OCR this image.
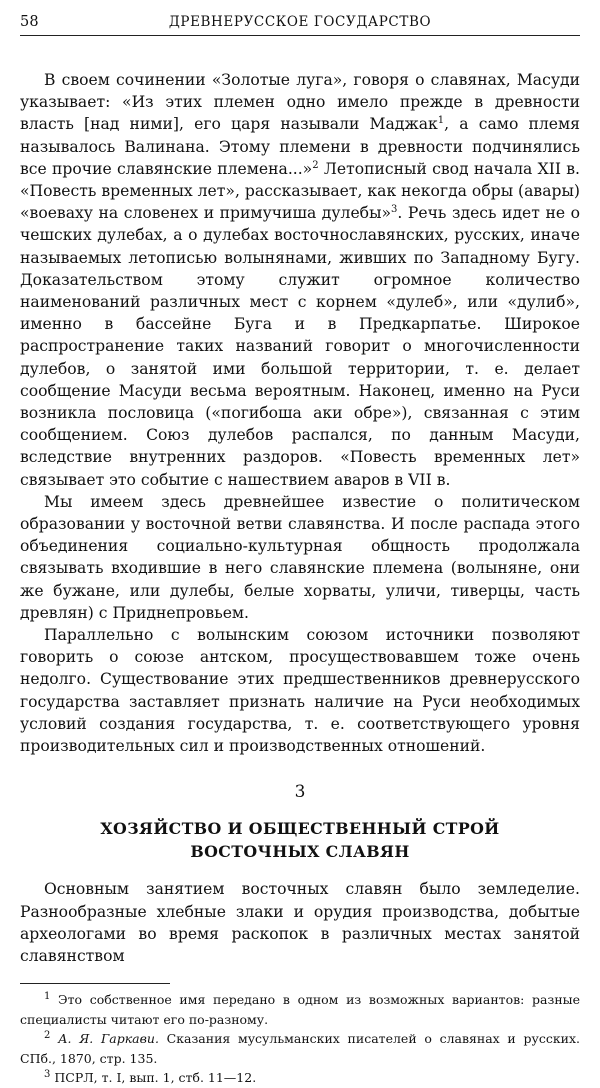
58	ДРЕВНЕРУССКОЕ ГОСУДАРСТВО

В своем сочинении «Золотые луга», говоря о славянах, Масуди указывает: «Из этих племен одно имело прежде в древности власть [над ними], его царя называли Маджак$^1$, а само племя называлось Валинана. Этому племени в древности подчинялись все прочие славянские племена...»$^2$ Летописный свод начала XII в. «Повесть временных лет», рассказывает, как некогда обры (авары) «воеваху на словенех и примучиша дулебы»$^3$. Речь здесь идет не о чешских дулебах, а о дулебах восточнославянских, русских, иначе называемых летописью волынянами, живших по Западному Бугу. Доказательством этому служит огромное количество наименований различных мест с корнем «дулеб», или «дулиб», именно в бассейне Буга и в Предкарпатье. Широкое распространение таких названий говорит о многочисленности дулебов, о занятой ими большой территории, т. е. делает сообщение Масуди весьма вероятным. Наконец, именно на Руси возникла пословица («погибоша аки обре»), связанная с этим сообщением. Союз дулебов распался, по данным Масуди, вследствие внутренних раздоров. «Повесть временных лет» связывает это событие с нашествием аваров в VII в.

Мы имеем здесь древнейшее известие о политическом образовании у восточной ветви славянства. И после распада этого объединения социально-культурная общность продолжала связывать входившие в него славянские племена (волыняне, они же бужане, или дулебы, белые хорваты, уличи, тиверцы, часть древлян) с Приднепровьем.

Параллельно с волынским союзом источники позволяют говорить о союзе антском, просуществовавшем тоже очень недолго. Существование этих предшественников древнерусского государства заставляет признать наличие на Руси необходимых условий создания государства, т. е. соответствующего уровня производительных сил и производственных отношений.

3
ХОЗЯЙСТВО И ОБЩЕСТВЕННЫЙ СТРОЙ
ВОСТОЧНЫХ СЛАВЯН

Основным занятием восточных славян было земледелие. Разнообразные хлебные злаки и орудия производства, добытые археологами во время раскопок в различных местах занятой славянством

$^1$ Это собственное имя передано в одном из возможных вариантов: разные специалисты читают его по-разному.

$^2$ А. Я. Гаркави. Сказания мусульманских писателей о славянах и русских. СПб., 1870, стр. 135.

$^3$ ПСРЛ, т. I, вып. 1, стб. 11—12.
